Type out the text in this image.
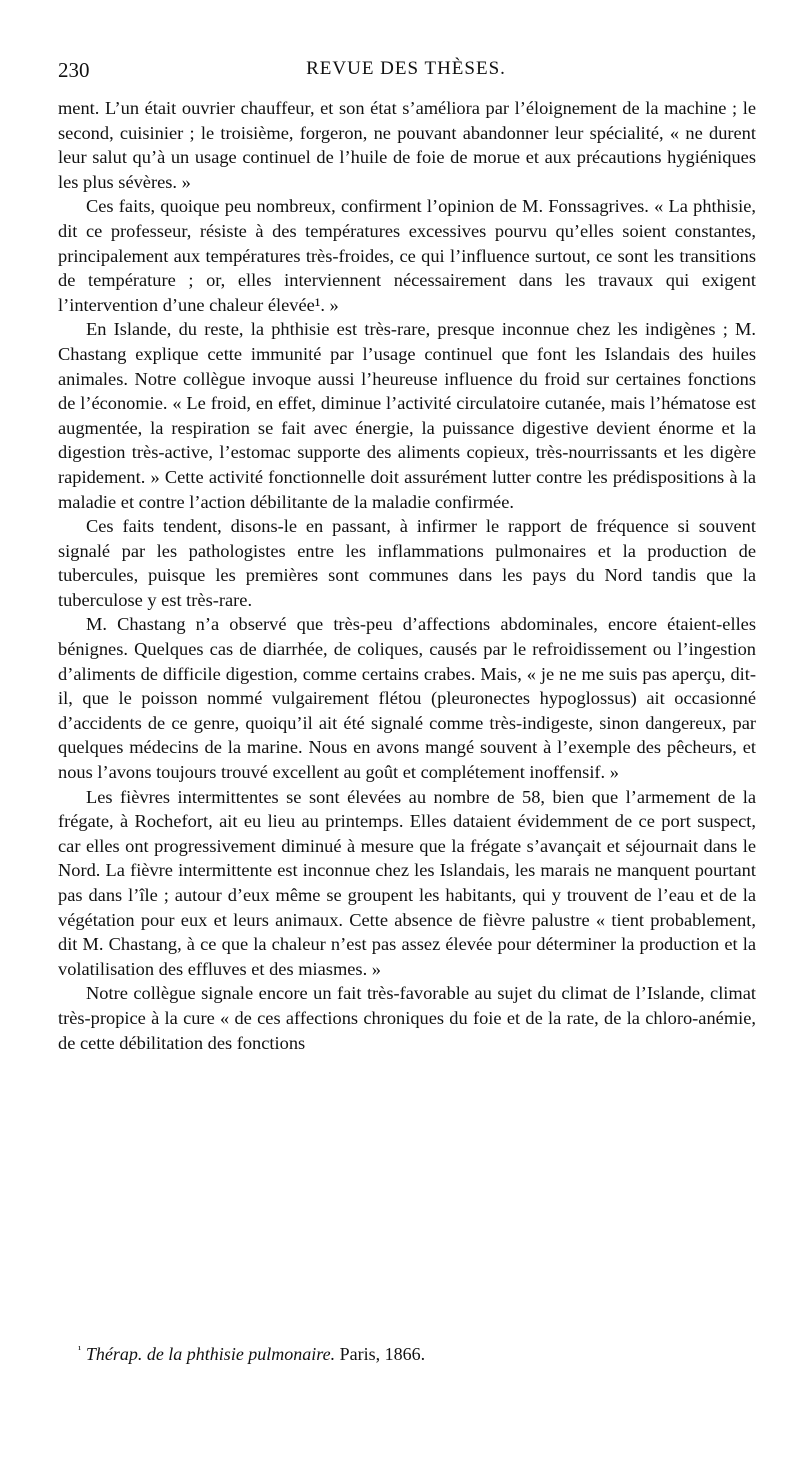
230	REVUE DES THÈSES.

ment. L’un était ouvrier chauffeur, et son état s’améliora par l’éloignement de la machine ; le second, cuisinier ; le troisième, forgeron, ne pouvant abandonner leur spécialité, « ne durent leur salut qu’à un usage continuel de l’huile de foie de morue et aux précautions hygiéniques les plus sévères. »

Ces faits, quoique peu nombreux, confirment l’opinion de M. Fonssagrives. « La phthisie, dit ce professeur, résiste à des températures excessives pourvu qu’elles soient constantes, principalement aux températures très-froides, ce qui l’influence surtout, ce sont les transitions de température ; or, elles interviennent nécessairement dans les travaux qui exigent l’intervention d’une chaleur élevée¹. »

En Islande, du reste, la phthisie est très-rare, presque inconnue chez les indigènes ; M. Chastang explique cette immunité par l’usage continuel que font les Islandais des huiles animales. Notre collègue invoque aussi l’heureuse influence du froid sur certaines fonctions de l’économie. « Le froid, en effet, diminue l’activité circulatoire cutanée, mais l’hématose est augmentée, la respiration se fait avec énergie, la puissance digestive devient énorme et la digestion très-active, l’estomac supporte des aliments copieux, très-nourrissants et les digère rapidement. » Cette activité fonctionnelle doit assurément lutter contre les prédispositions à la maladie et contre l’action débilitante de la maladie confirmée.

Ces faits tendent, disons-le en passant, à infirmer le rapport de fréquence si souvent signalé par les pathologistes entre les inflammations pulmonaires et la production de tubercules, puisque les premières sont communes dans les pays du Nord tandis que la tuberculose y est très-rare.

M. Chastang n’a observé que très-peu d’affections abdominales, encore étaient-elles bénignes. Quelques cas de diarrhée, de coliques, causés par le refroidissement ou l’ingestion d’aliments de difficile digestion, comme certains crabes. Mais, « je ne me suis pas aperçu, dit-il, que le poisson nommé vulgairement flétou (pleuronectes hypoglossus) ait occasionné d’accidents de ce genre, quoiqu’il ait été signalé comme très-indigeste, sinon dangereux, par quelques médecins de la marine. Nous en avons mangé souvent à l’exemple des pêcheurs, et nous l’avons toujours trouvé excellent au goût et complétement inoffensif. »

Les fièvres intermittentes se sont élevées au nombre de 58, bien que l’armement de la frégate, à Rochefort, ait eu lieu au printemps. Elles dataient évidemment de ce port suspect, car elles ont progressivement diminué à mesure que la frégate s’avançait et séjournait dans le Nord. La fièvre intermittente est inconnue chez les Islandais, les marais ne manquent pourtant pas dans l’île ; autour d’eux même se groupent les habitants, qui y trouvent de l’eau et de la végétation pour eux et leurs animaux. Cette absence de fièvre palustre « tient probablement, dit M. Chastang, à ce que la chaleur n’est pas assez élevée pour déterminer la production et la volatilisation des effluves et des miasmes. »

Notre collègue signale encore un fait très-favorable au sujet du climat de l’Islande, climat très-propice à la cure « de ces affections chroniques du foie et de la rate, de la chloro-anémie, de cette débilitation des fonctions

$^{^1}$ Thérap. de la phthisie pulmonaire. Paris, 1866.
